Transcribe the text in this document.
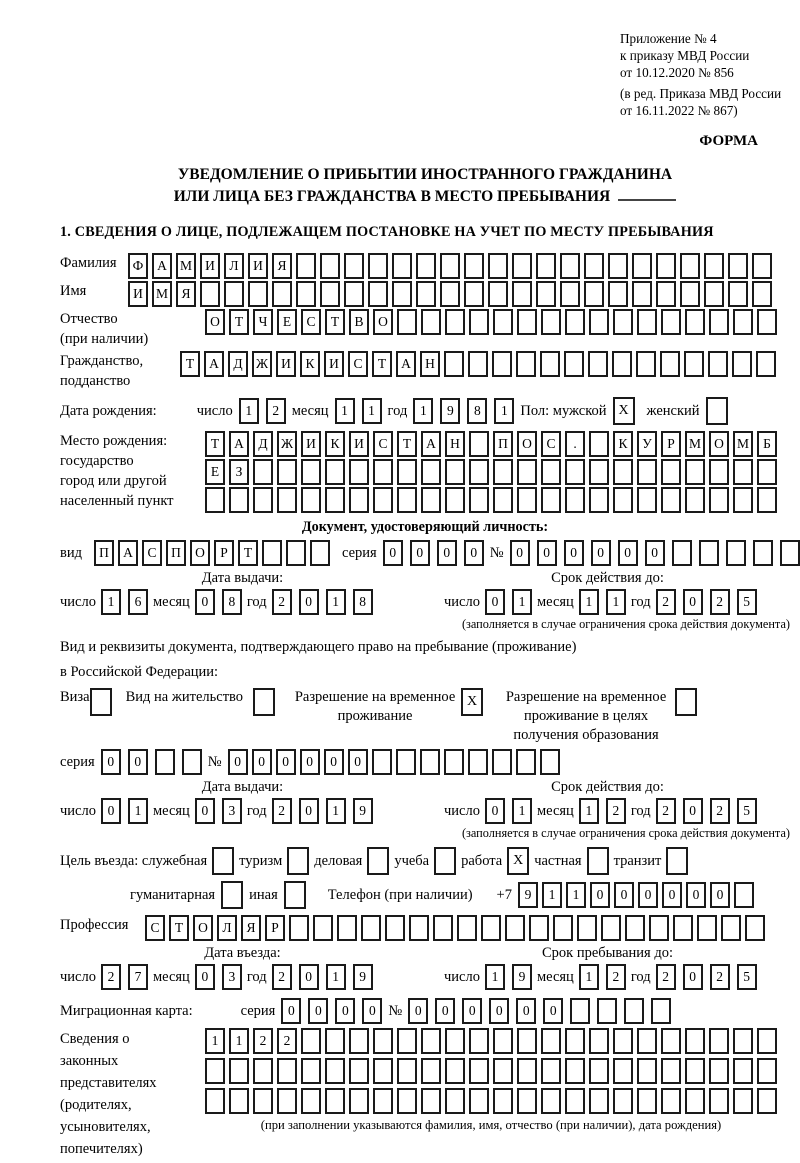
Приложение № 4
к приказу МВД России
от 10.12.2020 № 856
(в ред. Приказа МВД России
от 16.11.2022 № 867)
ФОРМА
УВЕДОМЛЕНИЕ О ПРИБЫТИИ ИНОСТРАННОГО ГРАЖДАНИНА
ИЛИ ЛИЦА БЕЗ ГРАЖДАНСТВА В МЕСТО ПРЕБЫВАНИЯ
1. СВЕДЕНИЯ О ЛИЦЕ, ПОДЛЕЖАЩЕМ ПОСТАНОВКЕ НА УЧЕТ ПО МЕСТУ ПРЕБЫВАНИЯ
Фамилия	Ф	А М И	Л	И	Я
Имя	И М Я
Отчество
(при наличии)
О	Т	Ч	Е	С	Т	В	О
Гражданство,
подданство
Т	А	Д Ж И	К	И	С	Т	А	Н
Дата рождения:	число 1	2 месяц 1	1 год 1	9	8	1 Пол: мужской X	женский
Место рождения:
государство
город или другой
населенный пункт
Т	А	Д Ж И	К	И	С	Т	А	Н	П	О	С	.	К	У	Р	М О М	Б
Е	З
Документ, удостоверяющий личность:
вид	П	А	С	П	О	Р	Т	серия 0	0	0	0 № 0	0	0	0	0	0
Дата выдачи:	Срок действия до:
число 1	6 месяц 0	8 год 2	0	1	8	число 0	1 месяц 1	1 год 2	0	2	5
(заполняется в случае ограничения срока действия документа)
Вид и реквизиты документа, подтверждающего право на пребывание (проживание)
в Российской Федерации:
Виза Вид на жительство	Разрешение на временное проживание
X	Разрешение на временное проживание в целях получения образования
серия 0	0	№ 0	0	0	0	0	0
Дата выдачи:	Срок действия до:
число 0	1 месяц 0	3 год 2	0	1	9	число 0	1 месяц 1	2 год 2	0	2	5
(заполняется в случае ограничения срока действия документа)
Цель въезда: служебная туризм деловая учеба работа X частная транзит
гуманитарная иная	Телефон (при наличии) +7 9	1	1	0	0	0	0	0	0
Профессия	С	Т	О	Л	Я	Р
Дата въезда:	Срок пребывания до:
число 2	7 месяц 0	3 год 2	0	1	9	число 1	9 месяц 1	2 год 2	0	2	5
Миграционная карта:	серия 0	0	0	0 № 0	0	0	0	0	0
Сведения о
законных
представителях
(родителях,
усыновителях,
попечителях)
1	1	2	2
(при заполнении указываются фамилия, имя, отчество (при наличии), дата рождения)
